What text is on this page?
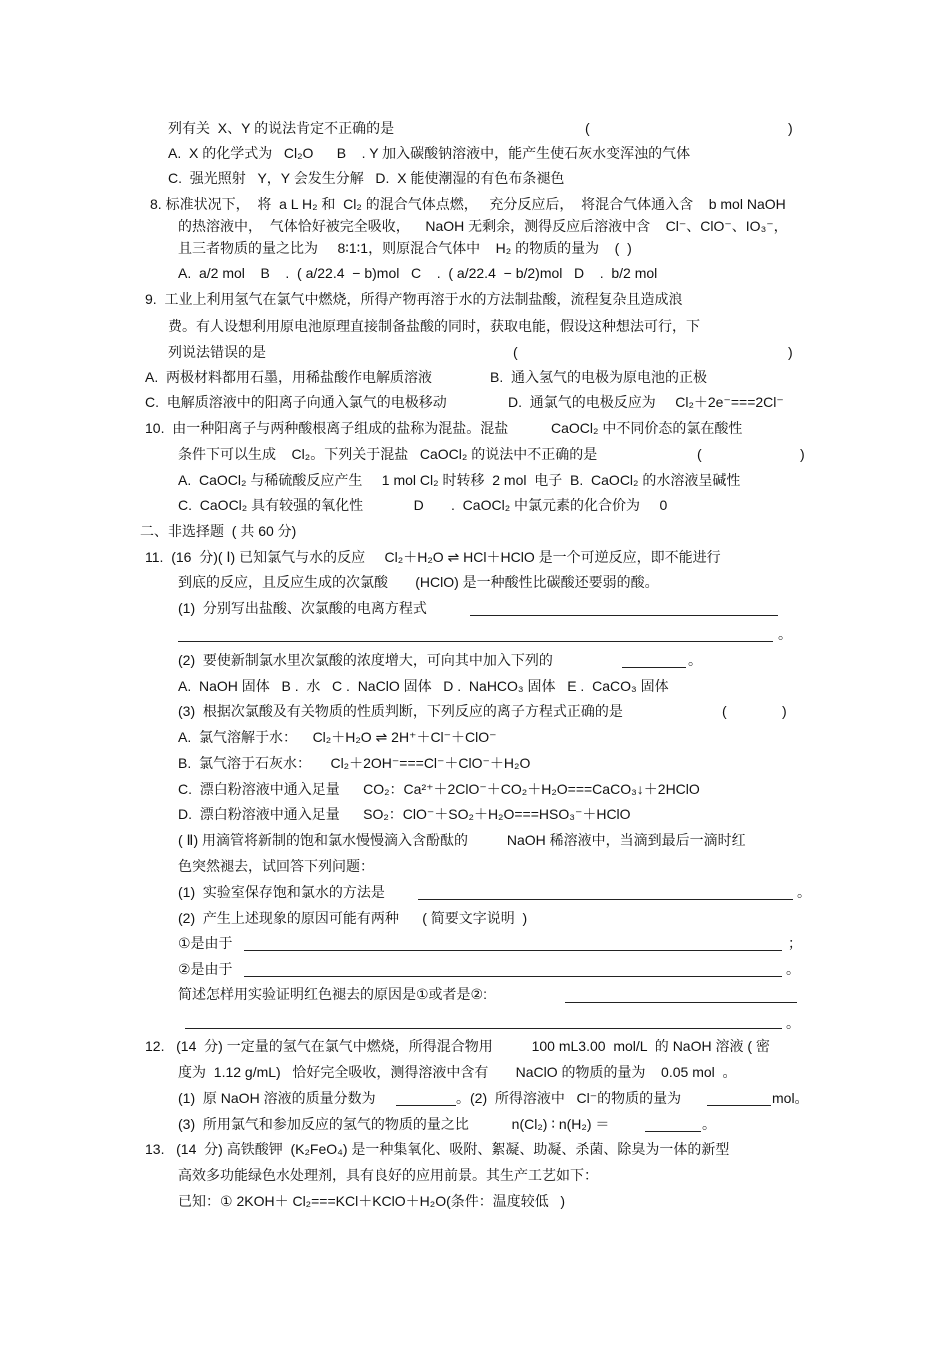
列有关  X、Y 的说法肯定不正确的是	(	)
A.  X 的化学式为   Cl₂O      B    . Y 加入碳酸钠溶液中，能产生使石灰水变浑浊的气体
C.  强光照射   Y，Y 会发生分解   D.  X 能使潮湿的有色布条褪色
8. 标准状况下，  将  a L H₂ 和  Cl₂ 的混合气体点燃，   充分反应后，  将混合气体通入含    b mol NaOH
的热溶液中，  气体恰好被完全吸收，    NaOH 无剩余，测得反应后溶液中含    Cl⁻、ClO⁻、IO₃⁻，
且三者物质的量之比为     8∶1∶1，则原混合气体中    H₂ 的物质的量为    (  )
A.  a/2 mol    B    .  ( a/22.4  − b)mol   C    .  ( a/22.4  − b/2)mol   D    .  b/2 mol
9.  工业上利用氢气在氯气中燃烧，所得产物再溶于水的方法制盐酸，流程复杂且造成浪
费。有人设想利用原电池原理直接制备盐酸的同时，获取电能，假设这种想法可行，下
列说法错误的是	(	)
A.  两极材料都用石墨，用稀盐酸作电解质溶液	B.  通入氢气的电极为原电池的正极
C.  电解质溶液中的阳离子向通入氯气的电极移动	D.  通氯气的电极反应为     Cl₂＋2e⁻===2Cl⁻
10.  由一种阳离子与两种酸根离子组成的盐称为混盐。混盐           CaOCl₂ 中不同价态的氯在酸性
条件下可以生成    Cl₂。下列关于混盐   CaOCl₂ 的说法中不正确的是	(	)
A.  CaOCl₂ 与稀硫酸反应产生     1 mol Cl₂ 时转移  2 mol  电子  B.  CaOCl₂ 的水溶液呈碱性
C.  CaOCl₂ 具有较强的氧化性             D       .  CaOCl₂ 中氯元素的化合价为     0
二、非选择题  ( 共 60 分)
11.  (16  分)( Ⅰ) 已知氯气与水的反应     Cl₂＋H₂O ⇌ HCl＋HClO 是一个可逆反应，即不能进行
到底的反应，且反应生成的次氯酸       (HClO) 是一种酸性比碳酸还要弱的酸。
(1)  分别写出盐酸、次氯酸的电离方程式
。
(2)  要使新制氯水里次氯酸的浓度增大，可向其中加入下列的	。
A.  NaOH 固体   B .  水   C .  NaClO 固体   D .  NaHCO₃ 固体   E .  CaCO₃ 固体
(3)  根据次氯酸及有关物质的性质判断，下列反应的离子方程式正确的是	(	)
A.  氯气溶解于水：    Cl₂＋H₂O ⇌ 2H⁺＋Cl⁻＋ClO⁻
B.  氯气溶于石灰水：     Cl₂＋2OH⁻===Cl⁻＋ClO⁻＋H₂O
C.  漂白粉溶液中通入足量      CO₂：Ca²⁺＋2ClO⁻＋CO₂＋H₂O===CaCO₃↓＋2HClO
D.  漂白粉溶液中通入足量      SO₂：ClO⁻＋SO₂＋H₂O===HSO₃⁻＋HClO
( Ⅱ) 用滴管将新制的饱和氯水慢慢滴入含酚酞的          NaOH 稀溶液中，当滴到最后一滴时红
色突然褪去，试回答下列问题：
(1)  实验室保存饱和氯水的方法是	。
(2)  产生上述现象的原因可能有两种      ( 简要文字说明  )
①是由于	；
②是由于	。
简述怎样用实验证明红色褪去的原因是①或者是②:
。
12.   (14  分) 一定量的氢气在氯气中燃烧，所得混合物用          100 mL3.00  mol/L  的 NaOH 溶液 ( 密
度为  1.12 g/mL)   恰好完全吸收，测得溶液中含有       NaClO 的物质的量为    0.05 mol  。
(1)  原 NaOH 溶液的质量分数为	。(2)  所得溶液中   Cl⁻的物质的量为	mol。
(3)  所用氯气和参加反应的氢气的物质的量之比           n(Cl₂) ∶ n(H₂) ＝	。
13.   (14  分) 高铁酸钾  (K₂FeO₄) 是一种集氧化、吸附、絮凝、助凝、杀菌、除臭为一体的新型
高效多功能绿色水处理剂，具有良好的应用前景。其生产工艺如下：
已知：① 2KOH＋ Cl₂===KCl＋KClO＋H₂O(条件：温度较低   )
